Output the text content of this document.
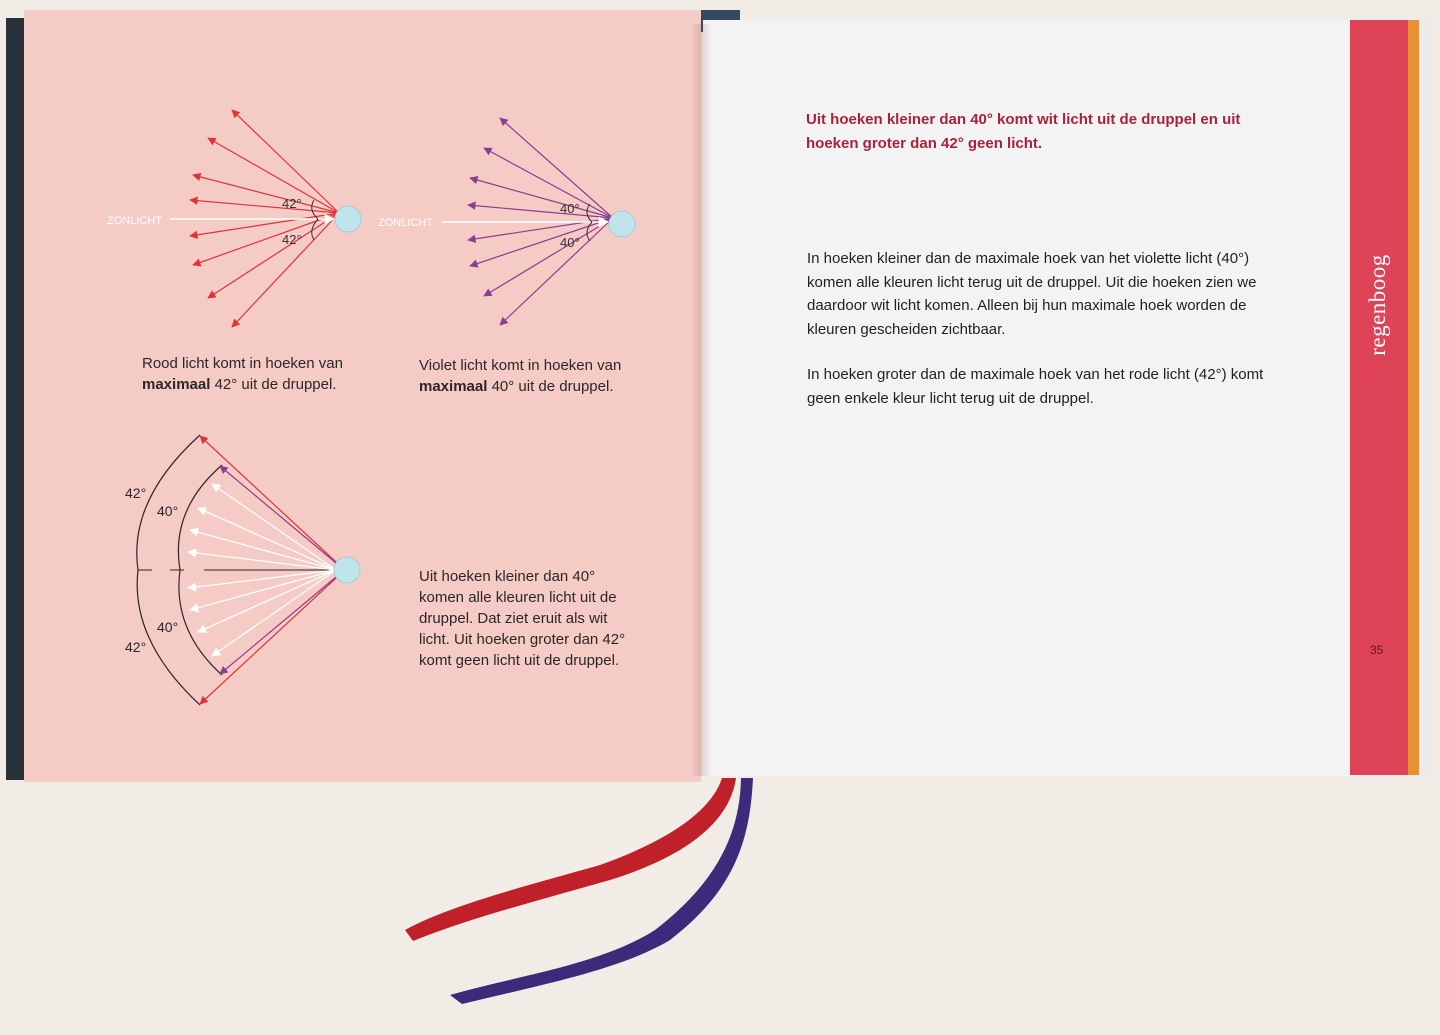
regenboog
35
ZONLICHT
42°
42°
ZONLICHT
40°
40°
42°
40°
40°
42°
Rood licht komt in hoeken van
maximaal 42° uit de druppel.
Violet licht komt in hoeken van
maximaal 40° uit de druppel.
Uit hoeken kleiner dan 40° komen alle kleuren licht uit de druppel. Dat ziet eruit als wit licht. Uit hoeken groter dan 42° komt geen licht uit de druppel.
Uit hoeken kleiner dan 40° komt wit licht uit de druppel en uit hoeken groter dan 42° geen licht.
In hoeken kleiner dan de maximale hoek van het violette licht (40°) komen alle kleuren licht terug uit de druppel. Uit die hoeken zien we daardoor wit licht komen. Alleen bij hun maximale hoek worden de kleuren gescheiden zichtbaar.
In hoeken groter dan de maximale hoek van het rode licht (42°) komt geen enkele kleur licht terug uit de druppel.
